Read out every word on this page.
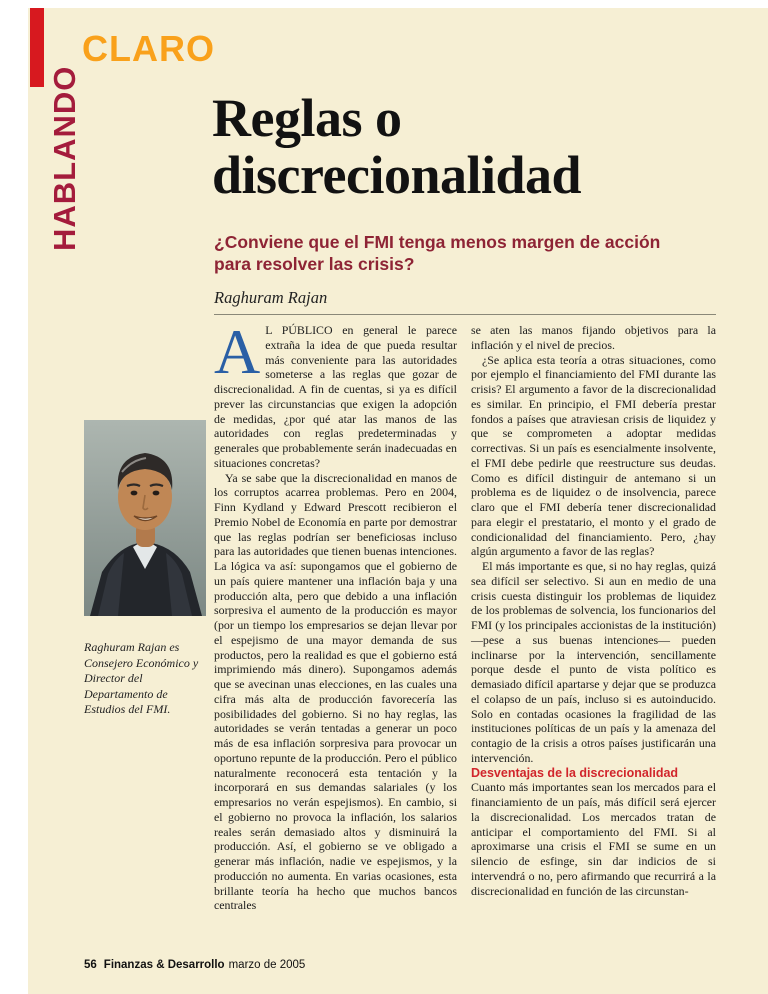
CLARO
HABLANDO Reglas o
discrecionalidad
¿Conviene que el FMI tenga menos margen de acción para resolver las crisis?
Raghuram Rajan
Raghuram Rajan es Consejero Económico y Director del Departamento de Estudios del FMI.

A L PÚBLICO en general le parece extraña la idea de que pueda resultar más conveniente para las autoridades someterse a las reglas que gozar de discrecionalidad. A fin de cuentas, si ya es difícil prever las circunstancias que exigen la adopción de medidas, ¿por qué atar las manos de las autoridades con reglas predeterminadas y generales que probablemente serán inadecuadas en situaciones concretas?

Ya se sabe que la discrecionalidad en manos de los corruptos acarrea problemas. Pero en 2004, Finn Kydland y Edward Prescott recibieron el Premio Nobel de Economía en parte por demostrar que las reglas podrían ser beneficiosas incluso para las autoridades que tienen buenas intenciones. La lógica va así: supongamos que el gobierno de un país quiere mantener una inflación baja y una producción alta, pero que debido a una inflación sorpresiva el aumento de la producción es mayor (por un tiempo los empresarios se dejan llevar por el espejismo de una mayor demanda de sus productos, pero la realidad es que el gobierno está imprimiendo más dinero). Supongamos además que se avecinan unas elecciones, en las cuales una cifra más alta de producción favorecería las posibilidades del gobierno. Si no hay reglas, las autoridades se verán tentadas a generar un poco más de esa inflación sorpresiva para provocar un oportuno repunte de la producción. Pero el público naturalmente reconocerá esta tentación y la incorporará en sus demandas salariales (y los empresarios no verán espejismos). En cambio, si el gobierno no provoca la inflación, los salarios reales serán demasiado altos y disminuirá la producción. Así, el gobierno se ve obligado a generar más inflación, nadie ve espejismos, y la producción no aumenta. En varias ocasiones, esta brillante teoría ha hecho que muchos bancos centrales

se aten las manos fijando objetivos para la inflación y el nivel de precios.

¿Se aplica esta teoría a otras situaciones, como por ejemplo el financiamiento del FMI durante las crisis? El argumento a favor de la discrecionalidad es similar. En principio, el FMI debería prestar fondos a países que atraviesan crisis de liquidez y que se comprometen a adoptar medidas correctivas. Si un país es esencialmente insolvente, el FMI debe pedirle que reestructure sus deudas. Como es difícil distinguir de antemano si un problema es de liquidez o de insolvencia, parece claro que el FMI debería tener discrecionalidad para elegir el prestatario, el monto y el grado de condicionalidad del financiamiento. Pero, ¿hay algún argumento a favor de las reglas?

El más importante es que, si no hay reglas, quizá sea difícil ser selectivo. Si aun en medio de una crisis cuesta distinguir los problemas de liquidez de los problemas de solvencia, los funcionarios del FMI (y los principales accionistas de la institución) —pese a sus buenas intenciones— pueden inclinarse por la intervención, sencillamente porque desde el punto de vista político es demasiado difícil apartarse y dejar que se produzca el colapso de un país, incluso si es autoinducido. Solo en contadas ocasiones la fragilidad de las instituciones políticas de un país y la amenaza del contagio de la crisis a otros países justificarán una intervención.

Desventajas de la discrecionalidad

Cuanto más importantes sean los mercados para el financiamiento de un país, más difícil será ejercer la discrecionalidad. Los mercados tratan de anticipar el comportamiento del FMI. Si al aproximarse una crisis el FMI se sume en un silencio de esfinge, sin dar indicios de si intervendrá o no, pero afirmando que recurrirá a la discrecionalidad en función de las circunstan-

56 Finanzas & Desarrollo marzo de 2005
